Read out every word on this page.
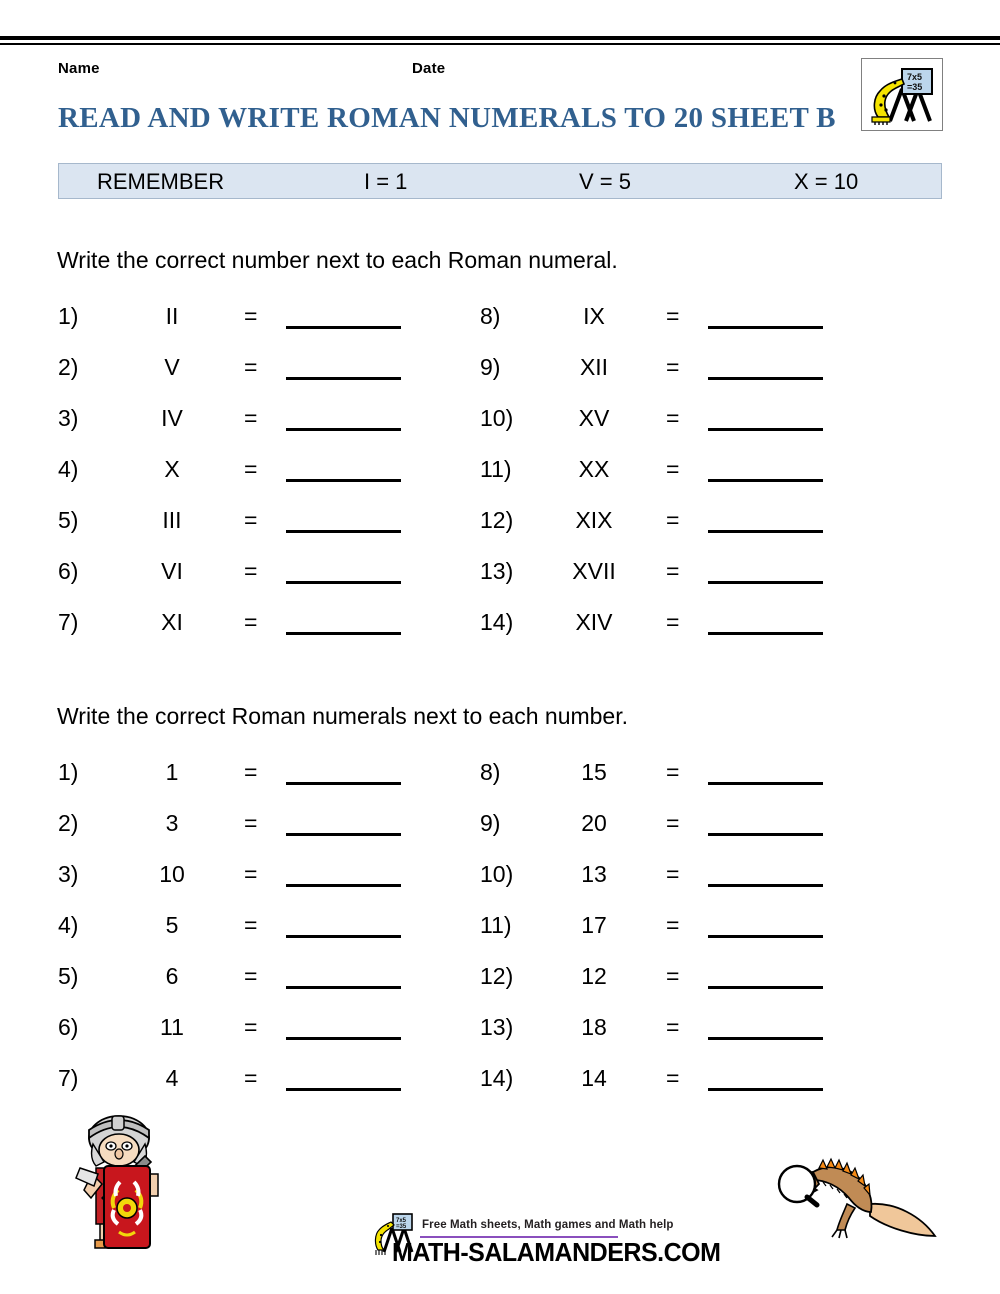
Name	Date
READ AND WRITE ROMAN NUMERALS TO 20 SHEET B
7x5
=35
REMEMBER	I = 1	V = 5	X = 10
Write the correct number next to each Roman numeral.
Write the correct Roman numerals next to each number.
1)	II	=
2)	V	=
3)	IV	=
4)	X	=
5)	III	=
6)	VI	=
7)	XI	=
8)	IX	=
9)	XII	=
10)	XV	=
11)	XX	=
12)	XIX	=
13)	XVII	=
14)	XIV	=
1)	1	=
2)	3	=
3)	10	=
4)	5	=
5)	6	=
6)	11	=
7)	4	=
8)	15	=
9)	20	=
10)	13	=
11)	17	=
12)	12	=
13)	18	=
14)	14	=
7x5
=35 Free Math sheets, Math games and Math help
MATH-SALAMANDERS.COM
